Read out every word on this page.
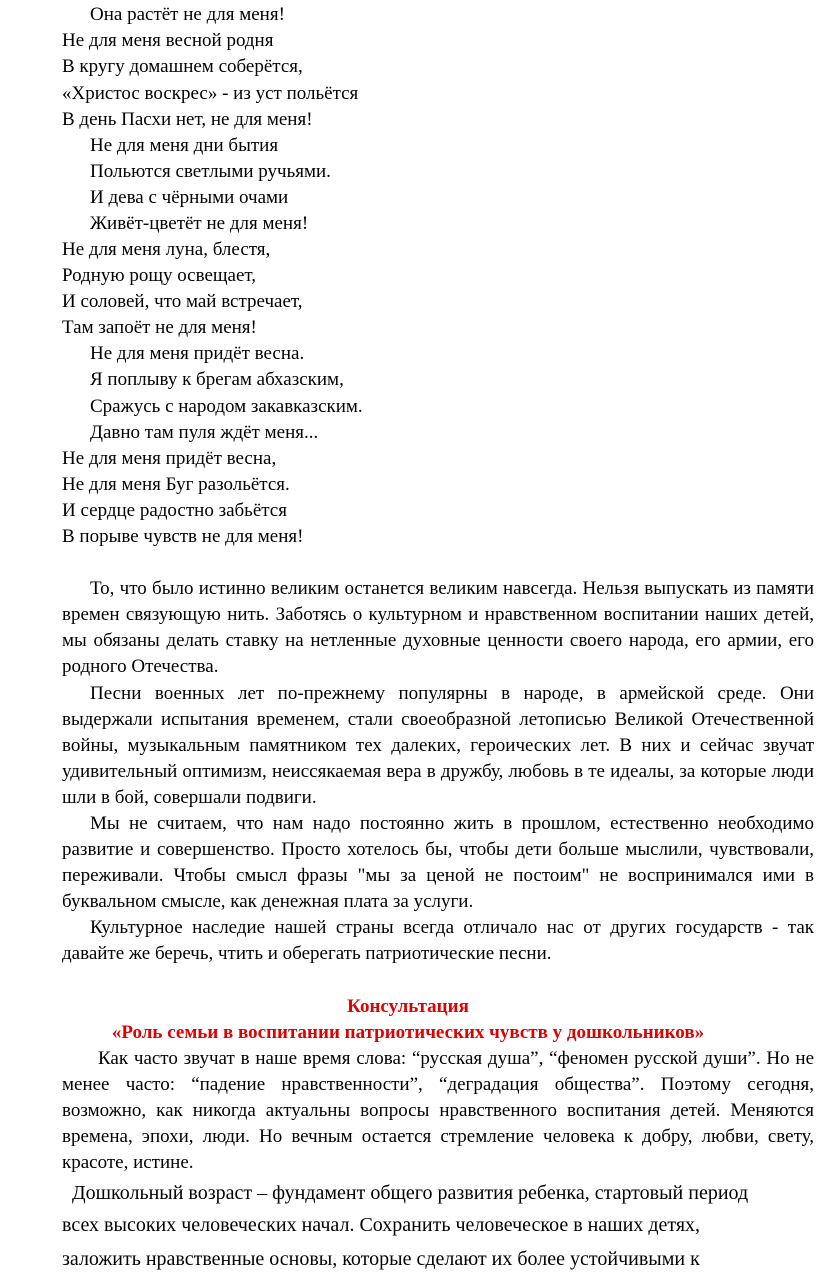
Она растёт не для меня!
Не для меня весной родня
В кругу домашнем соберётся,
«Христос воскрес» - из уст польётся
В день Пасхи нет, не для меня!
Не для меня дни бытия
Польются светлыми ручьями.
И дева с чёрными очами
Живёт-цветёт не для меня!
Не для меня луна, блестя,
Родную рощу освещает,
И соловей, что май встречает,
Там запоёт не для меня!
Не для меня придёт весна.
Я поплыву к брегам абхазским,
Сражусь с народом закавказским.
Давно там пуля ждёт меня...
Не для меня придёт весна,
Не для меня Буг разольётся.
И сердце радостно забьётся
В порыве чувств не для меня!
То, что было истинно великим останется великим навсегда. Нельзя выпускать из памяти времен связующую нить. Заботясь о культурном и нравственном воспитании наших детей, мы обязаны делать ставку на нетленные духовные ценности своего народа, его армии, его родного Отечества.
Песни военных лет по-прежнему популярны в народе, в армейской среде. Они выдержали испытания временем, стали своеобразной летописью Великой Отечественной войны, музыкальным памятником тех далеких, героических лет. В них и сейчас звучат удивительный оптимизм, неиссякаемая вера в дружбу, любовь в те идеалы, за которые люди шли в бой, совершали подвиги.
Мы не считаем, что нам надо постоянно жить в прошлом, естественно необходимо развитие и совершенство. Просто хотелось бы, чтобы дети больше мыслили, чувствовали, переживали. Чтобы смысл фразы "мы за ценой не постоим" не воспринимался ими в буквальном смысле, как денежная плата за услуги.
Культурное наследие нашей страны всегда отличало нас от других государств - так давайте же беречь, чтить и оберегать патриотические песни.
Консультация
«Роль семьи в воспитании патриотических чувств у дошкольников»
Как часто звучат в наше время слова: “русская душа”, “феномен русской души”. Но не менее часто: “падение нравственности”, “деградация общества”. Поэтому сегодня, возможно, как никогда актуальны вопросы нравственного воспитания детей. Меняются времена, эпохи, люди. Но вечным остается стремление человека к добру, любви, свету, красоте, истине.
Дошкольный возраст – фундамент общего развития ребенка, стартовый период
всех высоких человеческих начал. Сохранить человеческое в наших детях,
заложить нравственные основы, которые сделают их более устойчивыми к
